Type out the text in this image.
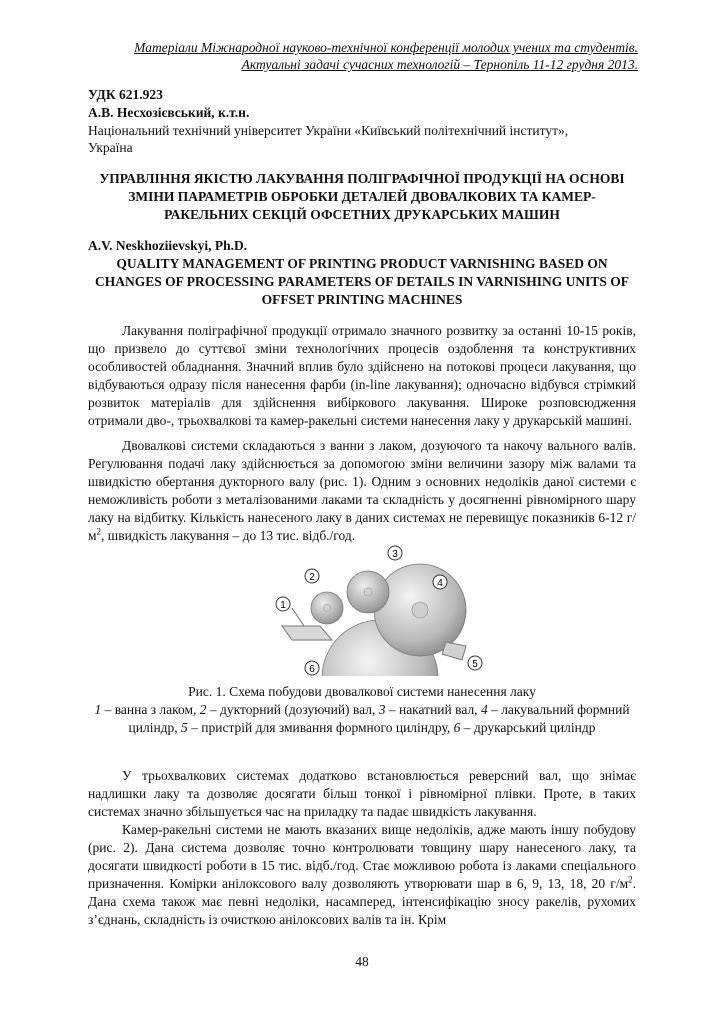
Матеріали Міжнародної науково-технічної конференції молодих учених та студентів.
Актуальні задачі сучасних технологій – Тернопіль 11-12 грудня 2013.
УДК 621.923
А.В. Несхозієвський, к.т.н.
Національний технічний університет України «Київський політехнічний інститут»,
Україна
УПРАВЛІННЯ ЯКІСТЮ ЛАКУВАННЯ ПОЛІГРАФІЧНОЇ ПРОДУКЦІЇ НА ОСНОВІ ЗМІНИ ПАРАМЕТРІВ ОБРОБКИ ДЕТАЛЕЙ ДВОВАЛКОВИХ ТА КАМЕР-РАКЕЛЬНИХ СЕКЦІЙ ОФСЕТНИХ ДРУКАРСЬКИХ МАШИН
A.V. Neskhoziievskyi, Ph.D.
QUALITY MANAGEMENT OF PRINTING PRODUCT VARNISHING BASED ON CHANGES OF PROCESSING PARAMETERS OF DETAILS IN VARNISHING UNITS OF OFFSET PRINTING MACHINES
Лакування поліграфічної продукції отримало значного розвитку за останні 10-15 років, що призвело до суттєвої зміни технологічних процесів оздоблення та конструктивних особливостей обладнання. Значний вплив було здійснено на потокові процеси лакування, що відбуваються одразу після нанесення фарби (in-line лакування); одночасно відбувся стрімкий розвиток матеріалів для здійснення вибіркового лакування. Широке розповсюдження отримали дво-, трьохвалкові та камер-ракельні системи нанесення лаку у друкарській машині.
Двовалкові системи складаються з ванни з лаком, дозуючого та накочу вального валів. Регулювання подачі лаку здійснюється за допомогою зміни величини зазору між валами та швидкістю обертання дукторного валу (рис. 1). Одним з основних недоліків даної системи є неможливість роботи з металізованими лаками та складність у досягненні рівномірного шару лаку на відбитку. Кількість нанесеного лаку в даних системах не перевищує показників 6-12 $г/м^2$, швидкість лакування – до 13 тис. відб./год.
1
2
3
4
5
6
Рис. 1. Схема побудови двовалкової системи нанесення лаку
1 – ванна з лаком, 2 – дукторний (дозуючий) вал, 3 – накатний вал, 4 – лакувальний формний циліндр, 5 – пристрій для змивання формного циліндру, 6 – друкарський циліндр
У трьохвалкових системах додатково встановлюється реверсний вал, що знімає надлишки лаку та дозволяє досягати більш тонкої і рівномірної плівки. Проте, в таких системах значно збільшується час на приладку та падає швидкість лакування.
Камер-ракельні системи не мають вказаних вище недоліків, адже мають іншу побудову (рис. 2). Дана система дозволяє точно контролювати товщину шару нанесеного лаку, та досягати швидкості роботи в 15 тис. відб./год. Стає можливою робота із лаками спеціального призначення. Комірки анілоксового валу дозволяють утворювати шар в 6, 9, 13, 18, 20 $г/м^2$. Дана схема також має певні недоліки, насамперед, інтенсифікацію зносу ракелів, рухомих з’єднань, складність із очисткою анілоксових валів та ін. Крім
48
